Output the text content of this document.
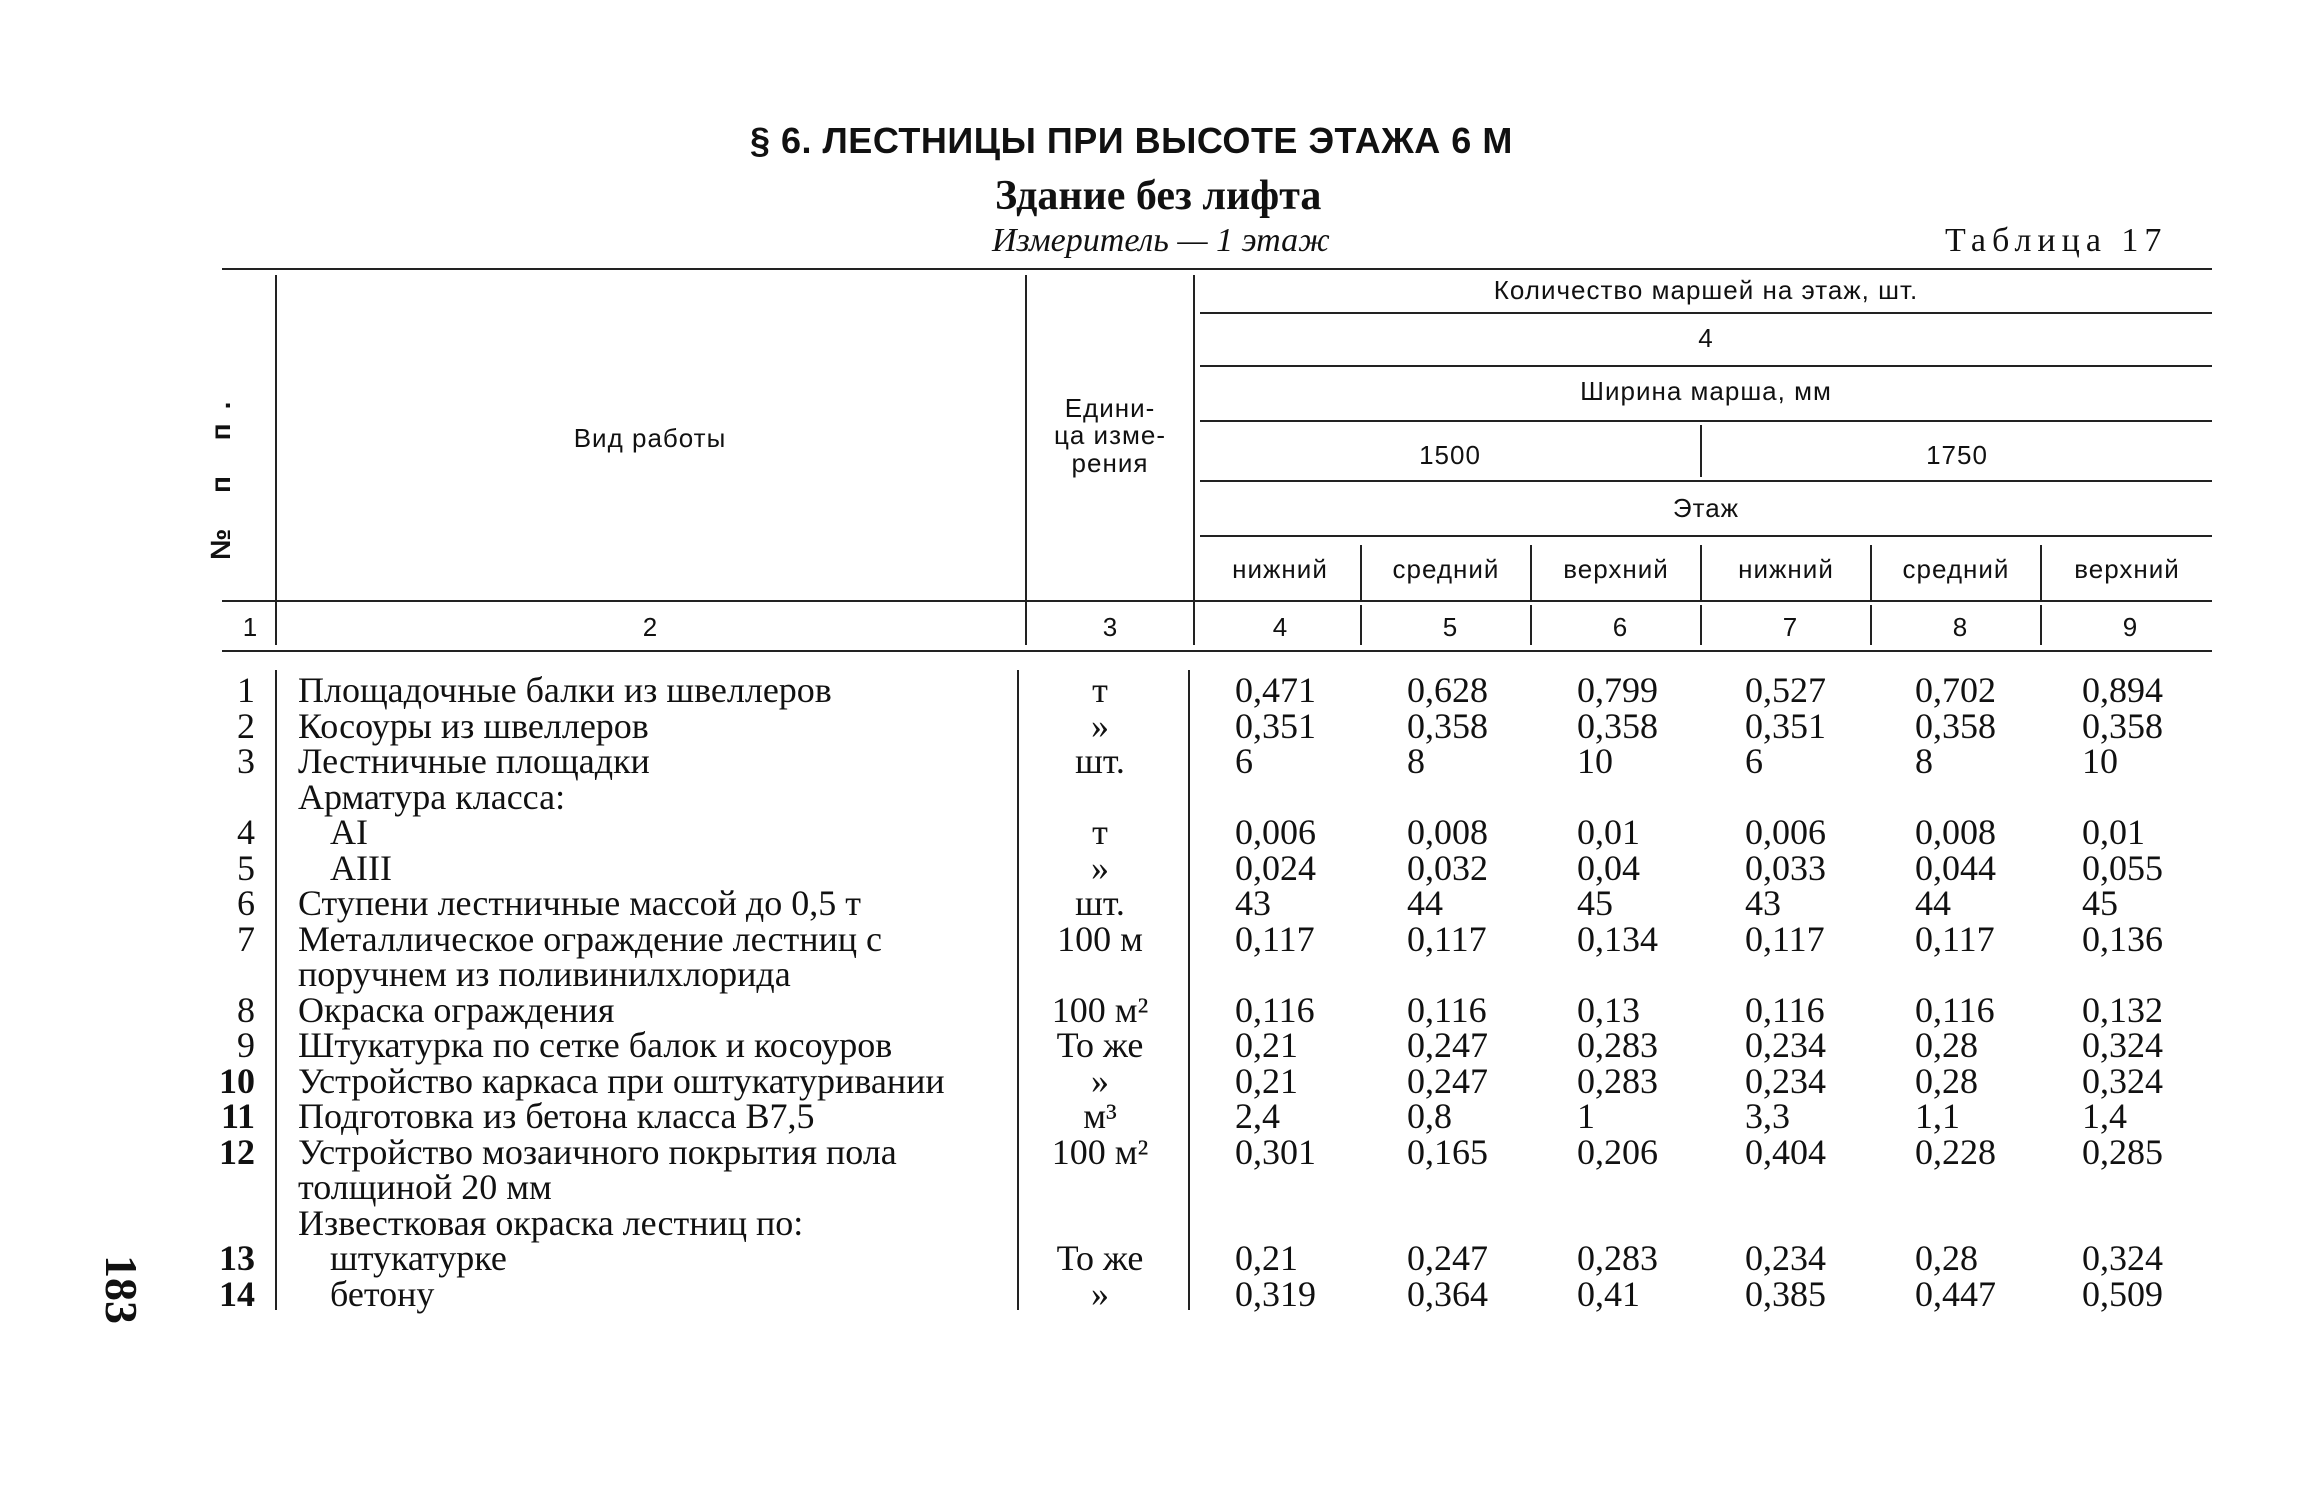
§ 6. ЛЕСТНИЦЫ ПРИ ВЫСОТЕ ЭТАЖА 6 М
Здание без лифта
Измеритель — 1 этаж	Таблица 17
№ п п.	Вид работы
Едини-
ца изме-
рения
Количество маршей на этаж, шт.
4
Ширина марша, мм
1500	1750
Этаж
нижний	средний	верхний	нижний	средний	верхний
1	2	3	4	5	6	7	8	9
1 Площадочные балки из швеллеров	т	0,471	0,628	0,799	0,527	0,702	0,894
2 Косоуры из швеллеров	»	0,351	0,358	0,358	0,351	0,358	0,358
3 Лестничные площадки	шт.	6	8	10	6	8	10
Арматура класса:
4 AI	т	0,006	0,008	0,01	0,006	0,008	0,01
5 AIII	»	0,024	0,032	0,04	0,033	0,044	0,055
6 Ступени лестничные массой до 0,5 т	шт.	43	44	45	43	44	45
7 Металлическое ограждение лестниц с	100 м	0,117	0,117	0,134	0,117	0,117	0,136
поручнем из поливинилхлорида
8 Окраска ограждения	100 м²	0,116	0,116	0,13	0,116	0,116	0,132
9 Штукатурка по сетке балок и косоуров	То же	0,21	0,247	0,283	0,234	0,28	0,324
10 Устройство каркаса при оштукатуривании	»	0,21	0,247	0,283	0,234	0,28	0,324
11 Подготовка из бетона класса В7,5	м³	2,4	0,8	1	3,3	1,1	1,4
12 Устройство мозаичного покрытия пола	100 м²	0,301	0,165	0,206	0,404	0,228	0,285
толщиной 20 мм
Известковая окраска лестниц по:
13 штукатурке	То же	0,21	0,247	0,283	0,234	0,28	0,324
14 бетону	»	0,319	0,364	0,41	0,385	0,447	0,509
183
